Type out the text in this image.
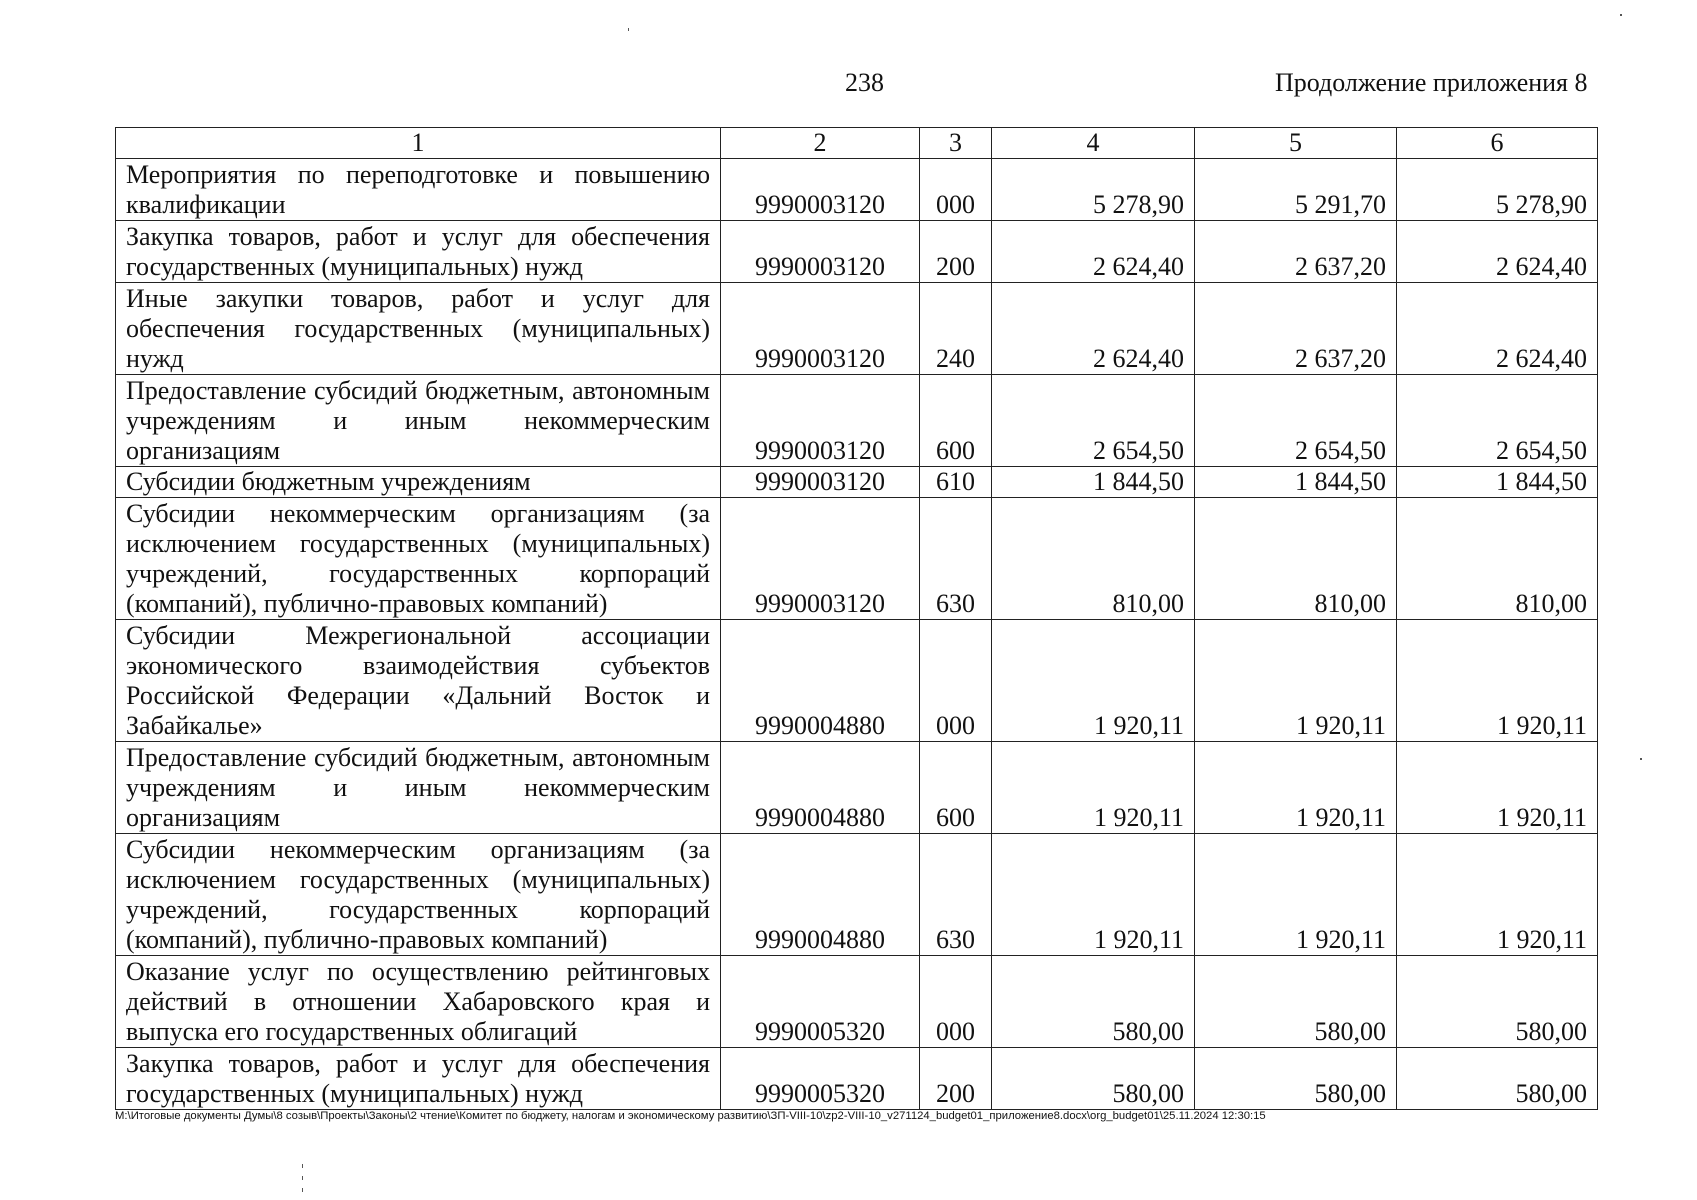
238	Продолжение приложения 8
1	2	3	4	5	6
Мероприятия по переподготовке и повышению квалификации	9990003120	000	5 278,90	5 291,70	5 278,90
Закупка товаров, работ и услуг для обеспечения государственных (муниципальных) нужд	9990003120	200	2 624,40	2 637,20	2 624,40
Иные закупки товаров, работ и услуг для обеспечения государственных (муниципальных) нужд	9990003120	240	2 624,40	2 637,20	2 624,40
Предоставление субсидий бюджетным, автономным учреждениям и иным некоммерческим организациям	9990003120	600	2 654,50	2 654,50	2 654,50
Субсидии бюджетным учреждениям	9990003120	610	1 844,50	1 844,50	1 844,50
Субсидии некоммерческим организациям (за исключением государственных (муниципальных) учреждений, государственных корпораций (компаний), публично-правовых компаний)	9990003120	630	810,00	810,00	810,00
Субсидии Межрегиональной ассоциации экономического взаимодействия субъектов Российской Федерации «Дальний Восток и Забайкалье»	9990004880	000	1 920,11	1 920,11	1 920,11
Предоставление субсидий бюджетным, автономным учреждениям и иным некоммерческим организациям	9990004880	600	1 920,11	1 920,11	1 920,11
Субсидии некоммерческим организациям (за исключением государственных (муниципальных) учреждений, государственных корпораций (компаний), публично-правовых компаний)	9990004880	630	1 920,11	1 920,11	1 920,11
Оказание услуг по осуществлению рейтинговых действий в отношении Хабаровского края и выпуска его государственных облигаций	9990005320	000	580,00	580,00	580,00
Закупка товаров, работ и услуг для обеспечения государственных (муниципальных) нужд	9990005320	200	580,00	580,00	580,00
M:\Итоговые документы Думы\8 созыв\Проекты\Законы\2 чтение\Комитет по бюджету, налогам и экономическому развитию\ЗП-VIII-10\zp2-VIII-10_v271124_budget01_приложение8.docx\org_budget01\25.11.2024 12:30:15
